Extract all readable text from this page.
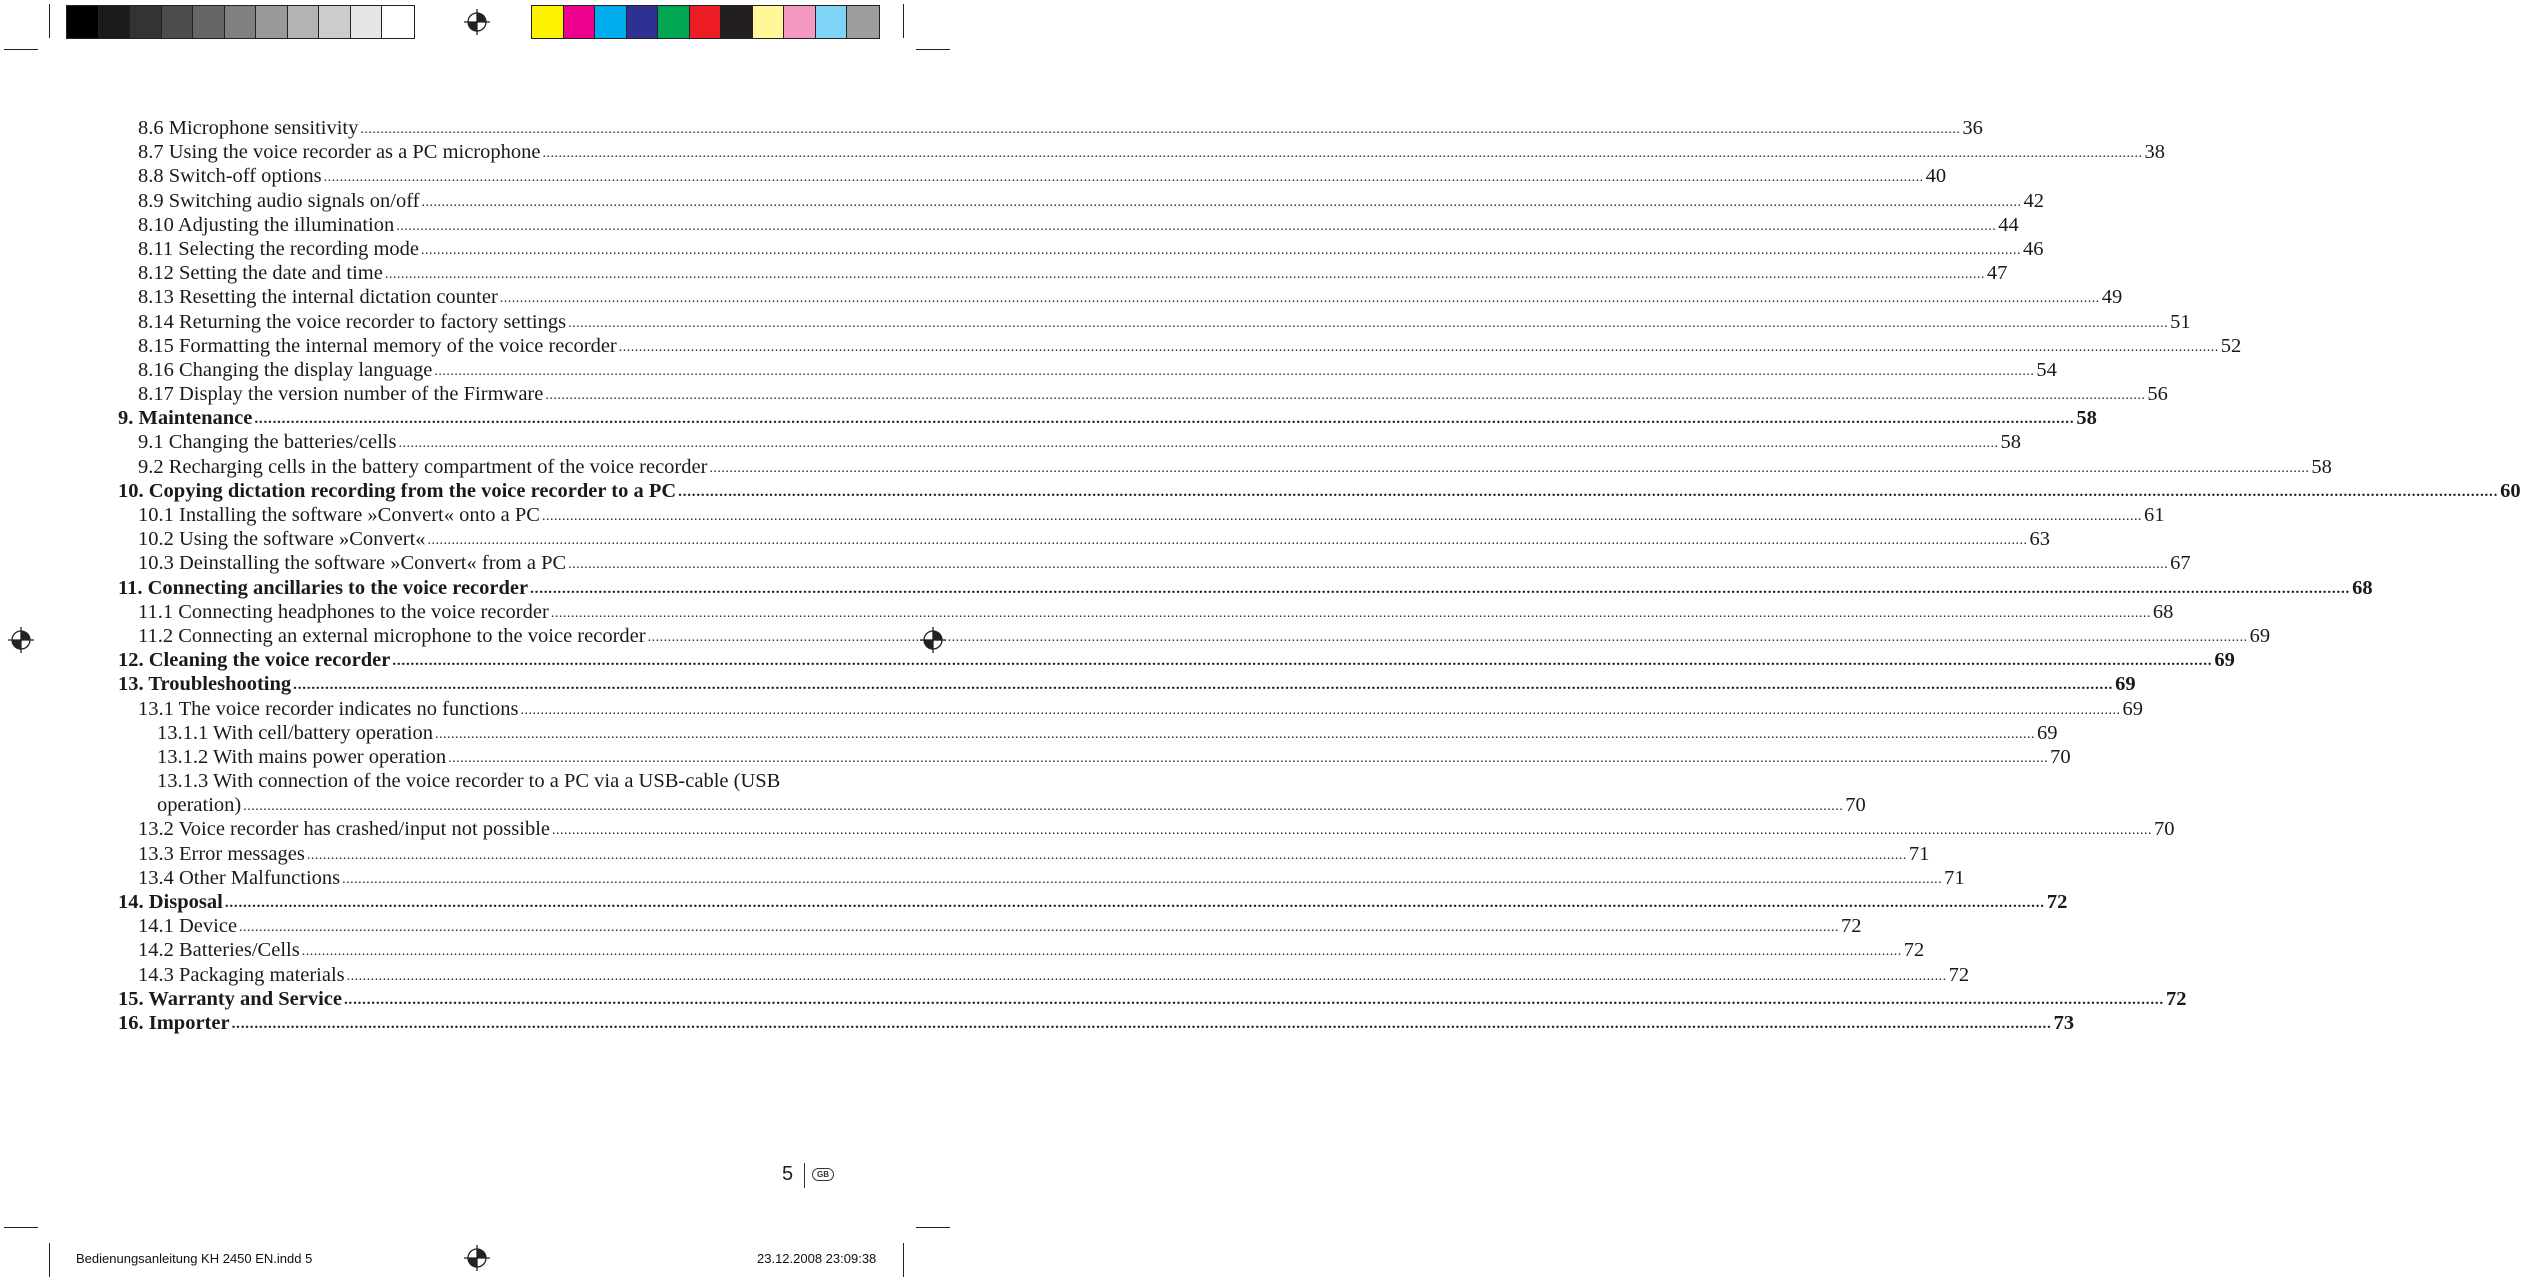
8.6 Microphone sensitivity ................................................................................................................................................................................................................................................................................................................................................................................................................ 36
8.7 Using the voice recorder as a PC microphone ................................................................................................................................................................................................................................................................................................................................................................................................................ 38
8.8 Switch-off options ................................................................................................................................................................................................................................................................................................................................................................................................................ 40
8.9 Switching audio signals on/off ................................................................................................................................................................................................................................................................................................................................................................................................................ 42
8.10 Adjusting the illumination ................................................................................................................................................................................................................................................................................................................................................................................................................ 44
8.11 Selecting the recording mode ................................................................................................................................................................................................................................................................................................................................................................................................................ 46
8.12 Setting the date and time ................................................................................................................................................................................................................................................................................................................................................................................................................ 47
8.13 Resetting the internal dictation counter ................................................................................................................................................................................................................................................................................................................................................................................................................ 49
8.14 Returning the voice recorder to factory settings ................................................................................................................................................................................................................................................................................................................................................................................................................ 51
8.15 Formatting the internal memory of the voice recorder ................................................................................................................................................................................................................................................................................................................................................................................................................ 52
8.16 Changing the display language ................................................................................................................................................................................................................................................................................................................................................................................................................ 54
8.17 Display the version number of the Firmware ................................................................................................................................................................................................................................................................................................................................................................................................................ 56
9. Maintenance ................................................................................................................................................................................................................................................................................................................................................................................................................ 58
9.1 Changing the batteries/cells ................................................................................................................................................................................................................................................................................................................................................................................................................ 58
9.2 Recharging cells in the battery compartment of the voice recorder ................................................................................................................................................................................................................................................................................................................................................................................................................ 58
10. Copying dictation recording from the voice recorder to a PC ................................................................................................................................................................................................................................................................................................................................................................................................................ 60
10.1 Installing the software »Convert« onto a PC ................................................................................................................................................................................................................................................................................................................................................................................................................ 61
10.2 Using the software »Convert« ................................................................................................................................................................................................................................................................................................................................................................................................................ 63
10.3 Deinstalling the software »Convert« from a PC ................................................................................................................................................................................................................................................................................................................................................................................................................ 67
11. Connecting ancillaries to the voice recorder ................................................................................................................................................................................................................................................................................................................................................................................................................ 68
11.1 Connecting headphones to the voice recorder ................................................................................................................................................................................................................................................................................................................................................................................................................ 68
11.2 Connecting an external microphone to the voice recorder ................................................................................................................................................................................................................................................................................................................................................................................................................ 69
12. Cleaning the voice recorder ................................................................................................................................................................................................................................................................................................................................................................................................................ 69
13. Troubleshooting ................................................................................................................................................................................................................................................................................................................................................................................................................ 69
13.1 The voice recorder indicates no functions ................................................................................................................................................................................................................................................................................................................................................................................................................ 69
13.1.1 With cell/battery operation ................................................................................................................................................................................................................................................................................................................................................................................................................ 69
13.1.2 With mains power operation ................................................................................................................................................................................................................................................................................................................................................................................................................ 70
13.1.3 With connection of the voice recorder to a PC via a USB-cable (USB
operation) ................................................................................................................................................................................................................................................................................................................................................................................................................ 70
13.2 Voice recorder has crashed/input not possible ................................................................................................................................................................................................................................................................................................................................................................................................................ 70
13.3 Error messages ................................................................................................................................................................................................................................................................................................................................................................................................................ 71
13.4 Other Malfunctions ................................................................................................................................................................................................................................................................................................................................................................................................................ 71
14. Disposal ................................................................................................................................................................................................................................................................................................................................................................................................................ 72
14.1 Device ................................................................................................................................................................................................................................................................................................................................................................................................................ 72
14.2 Batteries/Cells ................................................................................................................................................................................................................................................................................................................................................................................................................ 72
14.3 Packaging materials ................................................................................................................................................................................................................................................................................................................................................................................................................ 72
15. Warranty and Service ................................................................................................................................................................................................................................................................................................................................................................................................................ 72
16. Importer ................................................................................................................................................................................................................................................................................................................................................................................................................ 73
5	GB
Bedienungsanleitung KH 2450 EN.indd 5	23.12.2008 23:09:38
